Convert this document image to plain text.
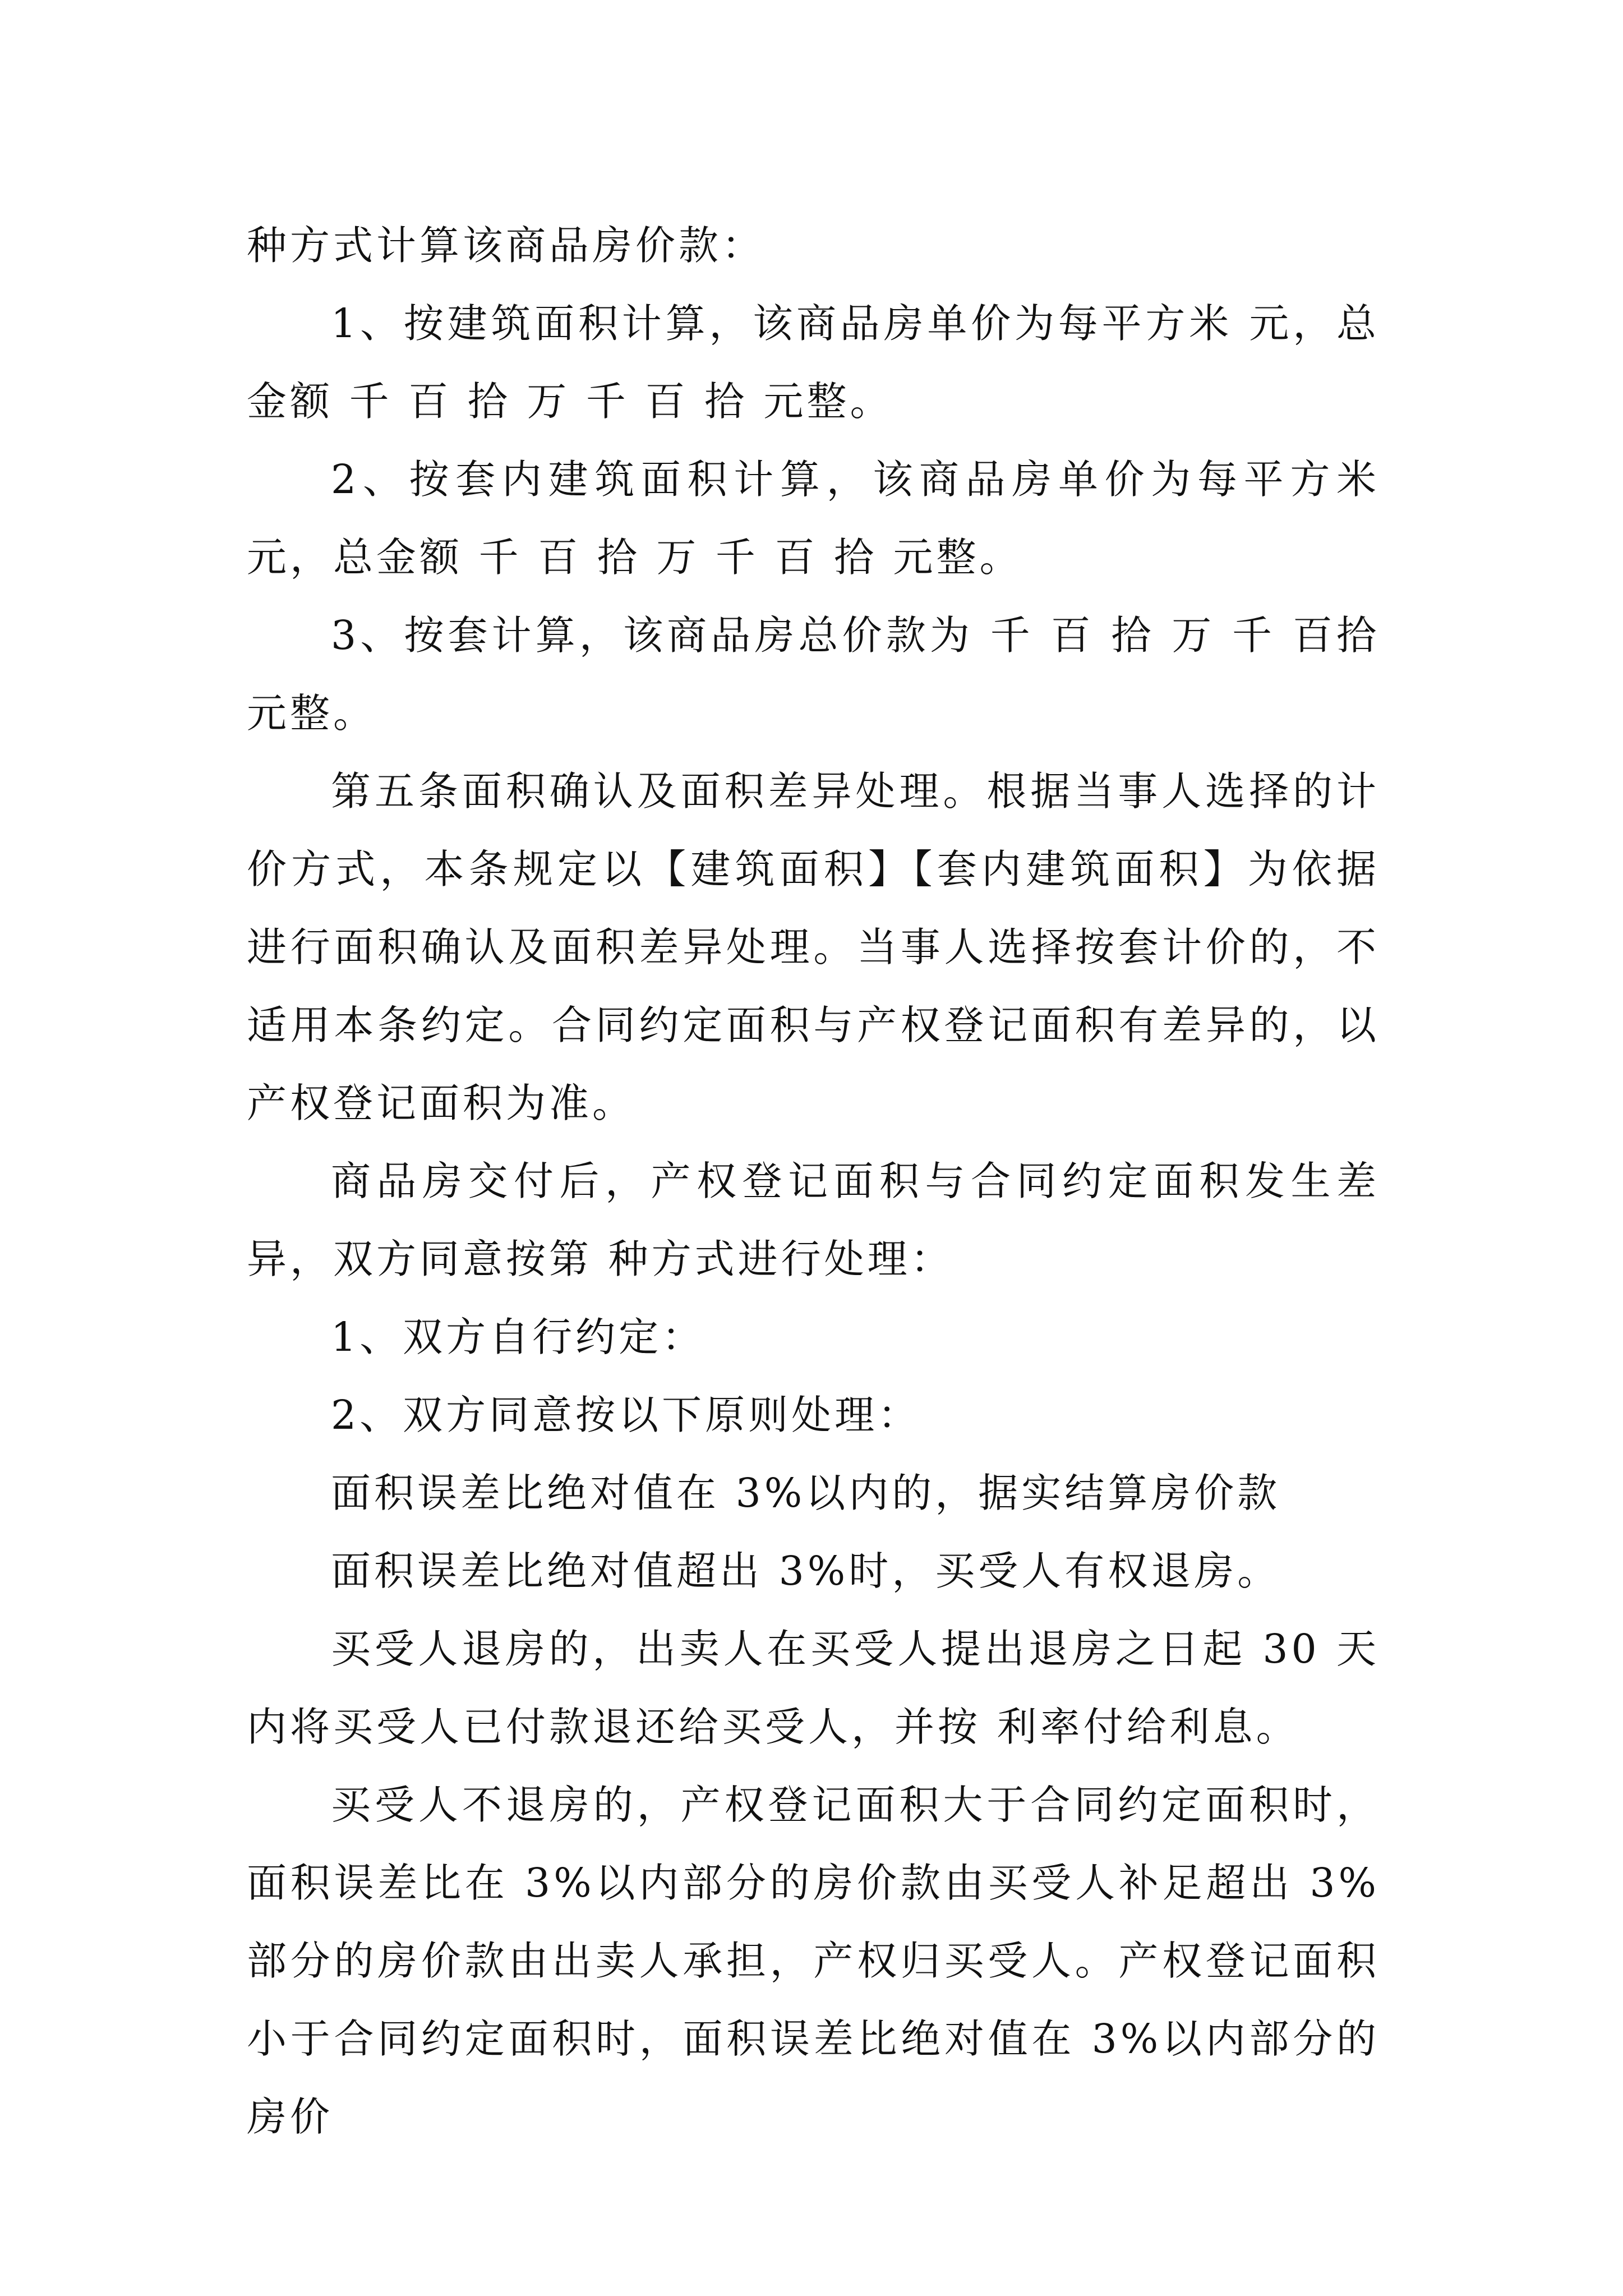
种方式计算该商品房价款：

1、按建筑面积计算，该商品房单价为每平方米 元，总金额 千 百 拾 万 千 百 拾 元整。

2、按套内建筑面积计算，该商品房单价为每平方米 元，总金额 千 百 拾 万 千 百 拾 元整。

3、按套计算，该商品房总价款为 千 百 拾 万 千 百拾 元整。

第五条面积确认及面积差异处理。根据当事人选择的计价方式，本条规定以【建筑面积】【套内建筑面积】为依据进行面积确认及面积差异处理。当事人选择按套计价的，不适用本条约定。合同约定面积与产权登记面积有差异的，以产权登记面积为准。

商品房交付后，产权登记面积与合同约定面积发生差异，双方同意按第 种方式进行处理：

1、双方自行约定：

2、双方同意按以下原则处理：

面积误差比绝对值在 3%以内的，据实结算房价款

面积误差比绝对值超出 3%时，买受人有权退房。

买受人退房的，出卖人在买受人提出退房之日起 30 天内将买受人已付款退还给买受人，并按 利率付给利息。

买受人不退房的，产权登记面积大于合同约定面积时，面积误差比在 3%以内部分的房价款由买受人补足超出 3%部分的房价款由出卖人承担，产权归买受人。产权登记面积小于合同约定面积时，面积误差比绝对值在 3%以内部分的房价
